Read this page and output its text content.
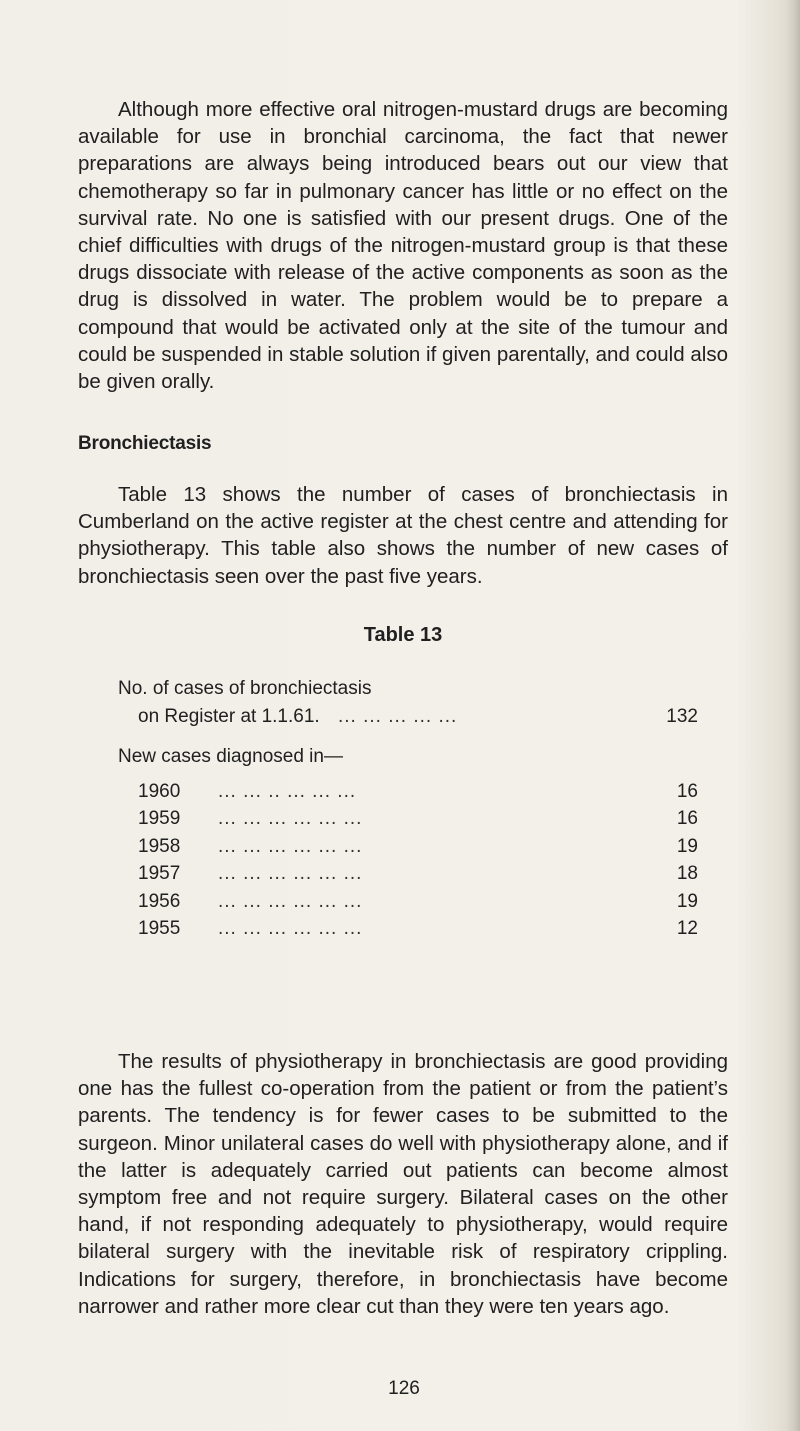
Although more effective oral nitrogen-mustard drugs are becoming available for use in bronchial carcinoma, the fact that newer preparations are always being introduced bears out our view that chemotherapy so far in pulmonary cancer has little or no effect on the survival rate. No one is satisfied with our present drugs. One of the chief difficulties with drugs of the nitrogen-mustard group is that these drugs dissociate with release of the active components as soon as the drug is dissolved in water. The problem would be to prepare a compound that would be activated only at the site of the tumour and could be suspended in stable solution if given parentally, and could also be given orally.

Bronchiectasis

Table 13 shows the number of cases of bronchiectasis in Cumberland on the active register at the chest centre and attending for physiotherapy. This table also shows the number of new cases of bronchiectasis seen over the past five years.

Table 13
No. of cases of bronchiectasis
on Register at 1.1.61. ... ... ... ... ...	132
New cases diagnosed in—
1960 ... ... .. ... ... ...	16
1959 ... ... ... ... ... ...	16
1958 ... ... ... ... ... ...	19
1957 ... ... ... ... ... ...	18
1956 ... ... ... ... ... ...	19
1955 ... ... ... ... ... ...	12

The results of physiotherapy in bronchiectasis are good providing one has the fullest co-operation from the patient or from the patient’s parents. The tendency is for fewer cases to be submitted to the surgeon. Minor unilateral cases do well with physiotherapy alone, and if the latter is adequately carried out patients can become almost symptom free and not require surgery. Bilateral cases on the other hand, if not responding adequately to physiotherapy, would require bilateral surgery with the inevitable risk of respiratory crippling. Indications for surgery, therefore, in bronchiectasis have become narrower and rather more clear cut than they were ten years ago.

126
